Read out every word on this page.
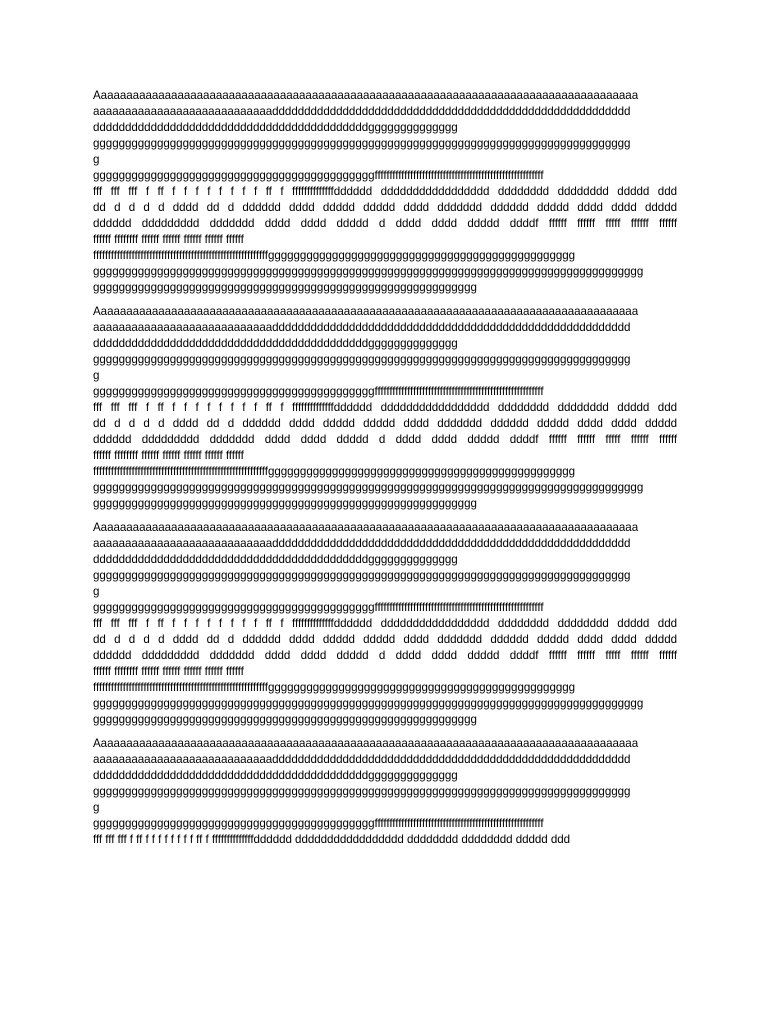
Aaaaaaaaaaaaaaaaaaaaaaaaaaaaaaaaaaaaaaaaaaaaaaaaaaaaaaaaaaaaaaaaaaaaaaaaaaaaaaaaaaaaa
aaaaaaaaaaaaaaaaaaaaaaaaaaaadddddddddddddddddddddddddddddddddddddddddddddddddddddddd
dddddddddddddddddddddddddddddddddddddddddddgggggggggggggg
gggggggggggggggggggggggggggggggggggggggggggggggggggggggggggggggggggggggggggggggggggg
g
ggggggggggggggggggggggggggggggggggggggggggggfffffffffffffffffffffffffffffffffffffffffffffffffffffffff
fff fff fff f ff f f f f f f f f ff f ffffffffffffffdddddd ddddddddddddddddd dddddddd dddddddd ddddd ddd
dd d d d d dddd dd d dddddd dddd ddddd ddddd dddd ddddddd dddddd ddddd dddd dddd ddddd
dddddd ddddddddd ddddddd dddd dddd ddddd d dddd dddd ddddd ddddf ffffff ffffff fffff ffffff ffffff
ffffff ffffffff ffffff ffffff ffffff ffffff ffffff
fffffffffffffffffffffffffffffffffffffffffffffffffffffffffffgggggggggggggggggggggggggggggggggggggggggggggggg
gggggggggggggggggggggggggggggggggggggggggggggggggggggggggggggggggggggggggggggggggggggg
gggggggggggggggggggggggggggggggggggggggggggggggggggggggggggg
Aaaaaaaaaaaaaaaaaaaaaaaaaaaaaaaaaaaaaaaaaaaaaaaaaaaaaaaaaaaaaaaaaaaaaaaaaaaaaaaaaaaaa
aaaaaaaaaaaaaaaaaaaaaaaaaaaadddddddddddddddddddddddddddddddddddddddddddddddddddddddd
dddddddddddddddddddddddddddddddddddddddddddgggggggggggggg
gggggggggggggggggggggggggggggggggggggggggggggggggggggggggggggggggggggggggggggggggggg
g
ggggggggggggggggggggggggggggggggggggggggggggfffffffffffffffffffffffffffffffffffffffffffffffffffffffff
fff fff fff f ff f f f f f f f f ff f ffffffffffffffdddddd ddddddddddddddddd dddddddd dddddddd ddddd ddd
dd d d d d dddd dd d dddddd dddd ddddd ddddd dddd ddddddd dddddd ddddd dddd dddd ddddd
dddddd ddddddddd ddddddd dddd dddd ddddd d dddd dddd ddddd ddddf ffffff ffffff fffff ffffff ffffff
ffffff ffffffff ffffff ffffff ffffff ffffff ffffff
fffffffffffffffffffffffffffffffffffffffffffffffffffffffffffgggggggggggggggggggggggggggggggggggggggggggggggg
gggggggggggggggggggggggggggggggggggggggggggggggggggggggggggggggggggggggggggggggggggggg
gggggggggggggggggggggggggggggggggggggggggggggggggggggggggggg
Aaaaaaaaaaaaaaaaaaaaaaaaaaaaaaaaaaaaaaaaaaaaaaaaaaaaaaaaaaaaaaaaaaaaaaaaaaaaaaaaaaaaa
aaaaaaaaaaaaaaaaaaaaaaaaaaaadddddddddddddddddddddddddddddddddddddddddddddddddddddddd
dddddddddddddddddddddddddddddddddddddddddddgggggggggggggg
gggggggggggggggggggggggggggggggggggggggggggggggggggggggggggggggggggggggggggggggggggg
g
ggggggggggggggggggggggggggggggggggggggggggggfffffffffffffffffffffffffffffffffffffffffffffffffffffffff
fff fff fff f ff f f f f f f f f ff f ffffffffffffffdddddd ddddddddddddddddd dddddddd dddddddd ddddd ddd
dd d d d d dddd dd d dddddd dddd ddddd ddddd dddd ddddddd dddddd ddddd dddd dddd ddddd
dddddd ddddddddd ddddddd dddd dddd ddddd d dddd dddd ddddd ddddf ffffff ffffff fffff ffffff ffffff
ffffff ffffffff ffffff ffffff ffffff ffffff ffffff
fffffffffffffffffffffffffffffffffffffffffffffffffffffffffffgggggggggggggggggggggggggggggggggggggggggggggggg
gggggggggggggggggggggggggggggggggggggggggggggggggggggggggggggggggggggggggggggggggggggg
gggggggggggggggggggggggggggggggggggggggggggggggggggggggggggg
Aaaaaaaaaaaaaaaaaaaaaaaaaaaaaaaaaaaaaaaaaaaaaaaaaaaaaaaaaaaaaaaaaaaaaaaaaaaaaaaaaaaaa
aaaaaaaaaaaaaaaaaaaaaaaaaaaadddddddddddddddddddddddddddddddddddddddddddddddddddddddd
dddddddddddddddddddddddddddddddddddddddddddgggggggggggggg
gggggggggggggggggggggggggggggggggggggggggggggggggggggggggggggggggggggggggggggggggggg
g
ggggggggggggggggggggggggggggggggggggggggggggfffffffffffffffffffffffffffffffffffffffffffffffffffffffff
fff fff fff f ff f f f f f f f f ff f ffffffffffffffdddddd ddddddddddddddddd dddddddd dddddddd ddddd ddd
